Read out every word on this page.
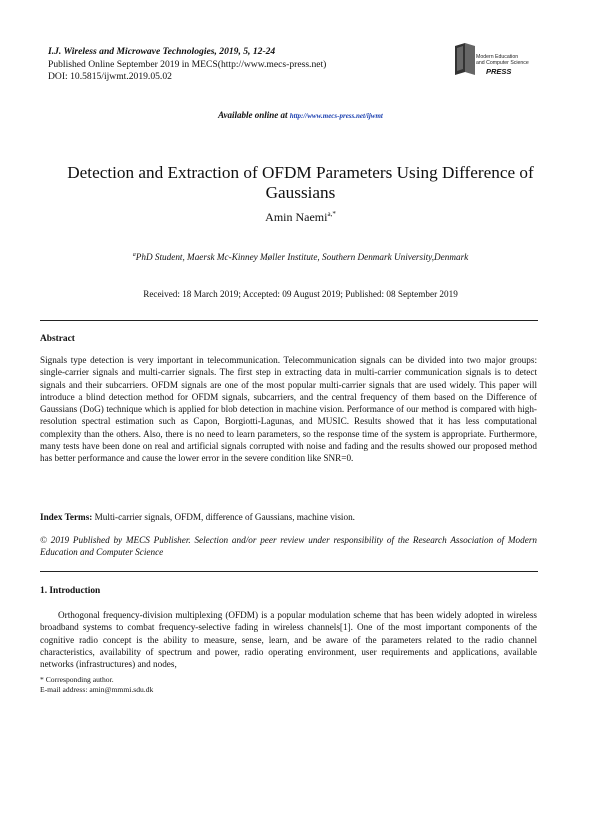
I.J. Wireless and Microwave Technologies, 2019, 5, 12-24
Published Online September 2019 in MECS(http://www.mecs-press.net)
DOI: 10.5815/ijwmt.2019.05.02
Modern Education
and Computer Science
PRESS
Available online at http://www.mecs-press.net/ijwmt
Detection and Extraction of OFDM Parameters Using Difference of Gaussians
Amin Naemi$^{a,*}$
$^a$PhD Student, Maersk Mc-Kinney Møller Institute, Southern Denmark University,Denmark
Received: 18 March 2019; Accepted: 09 August 2019; Published: 08 September 2019
Abstract

Signals type detection is very important in telecommunication. Telecommunication signals can be divided into two major groups: single-carrier signals and multi-carrier signals. The first step in extracting data in multi-carrier communication signals is to detect signals and their subcarriers. OFDM signals are one of the most popular multi-carrier signals that are used widely. This paper will introduce a blind detection method for OFDM signals, subcarriers, and the central frequency of them based on the Difference of Gaussians (DoG) technique which is applied for blob detection in machine vision. Performance of our method is compared with high-resolution spectral estimation such as Capon, Borgiotti-Lagunas, and MUSIC. Results showed that it has less computational complexity than the others. Also, there is no need to learn parameters, so the response time of the system is appropriate. Furthermore, many tests have been done on real and artificial signals corrupted with noise and fading and the results showed our proposed method has better performance and cause the lower error in the severe condition like SNR=0.

Index Terms: Multi-carrier signals, OFDM, difference of Gaussians, machine vision.

© 2019 Published by MECS Publisher. Selection and/or peer review under responsibility of the Research Association of Modern Education and Computer Science

1. Introduction

Orthogonal frequency-division multiplexing (OFDM) is a popular modulation scheme that has been widely adopted in wireless broadband systems to combat frequency-selective fading in wireless channels[1]. One of the most important components of the cognitive radio concept is the ability to measure, sense, learn, and be aware of the parameters related to the radio channel characteristics, availability of spectrum and power, radio operating environment, user requirements and applications, available networks (infrastructures) and nodes,

* Corresponding author.
E-mail address: amin@mmmi.sdu.dk
